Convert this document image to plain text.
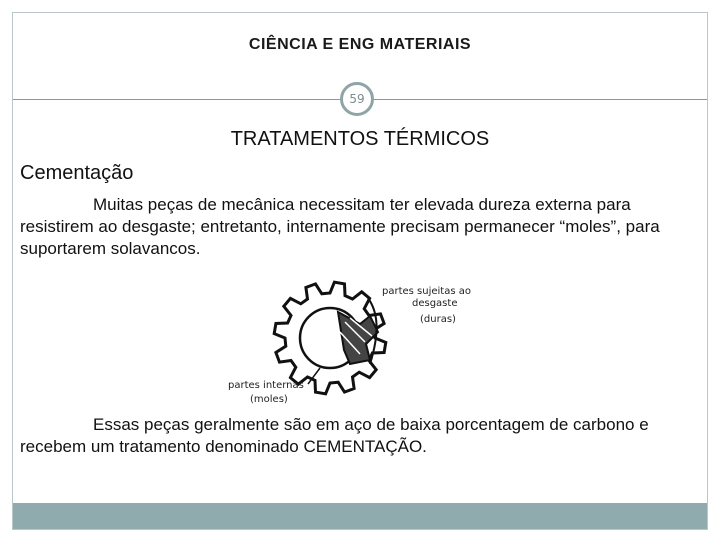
CIÊNCIA E ENG MATERIAIS
59
TRATAMENTOS TÉRMICOS
Cementação
Muitas peças de mecânica necessitam ter elevada dureza externa para resistirem ao desgaste; entretanto, internamente precisam permanecer “moles”, para suportarem solavancos.
partes sujeitas ao
desgaste
(duras)
partes internas
(moles)
Essas peças geralmente são em aço de baixa porcentagem de carbono e recebem um tratamento denominado CEMENTAÇÃO.
